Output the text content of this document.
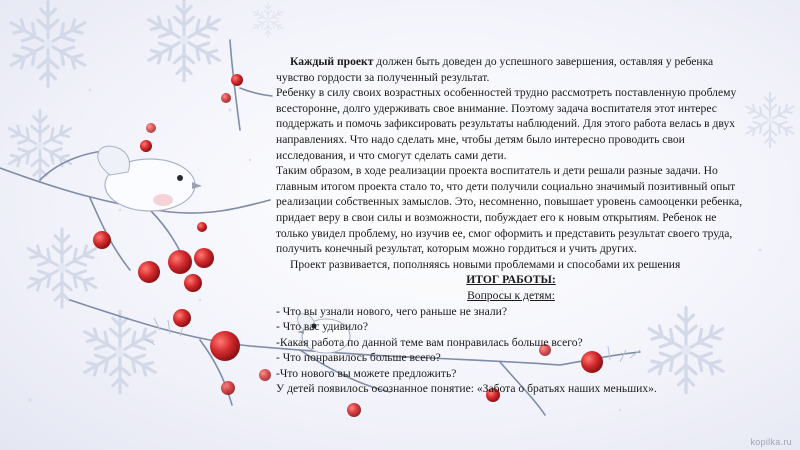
Каждый проект должен быть доведен до успешного завершения, оставляя у ребенка чувство гордости за полученный результат.

Ребенку в силу своих возрастных особенностей трудно рассмотреть поставленную проблему всесторонне, долго удерживать свое внимание. Поэтому задача воспитателя этот интерес поддержать и помочь зафиксировать результаты наблюдений. Для этого работа велась в двух направлениях. Что надо сделать мне, чтобы детям было интересно проводить свои исследования, и что смогут сделать сами дети.

Таким образом, в ходе реализации проекта воспитатель и дети решали разные задачи. Но главным итогом проекта стало то, что дети получили социально значимый позитивный опыт реализации собственных замыслов. Это, несомненно, повышает уровень самооценки ребенка, придает веру в свои силы и возможности, побуждает его к новым открытиям. Ребенок не только увидел проблему, но изучив ее, смог оформить и представить результат своего труда, получить конечный результат, которым можно гордиться и учить других.

Проект развивается, пополняясь новыми проблемами и способами их решения

ИТОГ РАБОТЫ:

Вопросы к детям:

- Что вы узнали нового, чего раньше не знали?

- Что вас удивило?

-Какая работа по данной теме вам понравилась больше всего?

- Что понравилось больше всего?

-Что нового вы можете предложить?

У детей появилось осознанное понятие: «Забота о братьях наших меньших».

kopilka.ru
